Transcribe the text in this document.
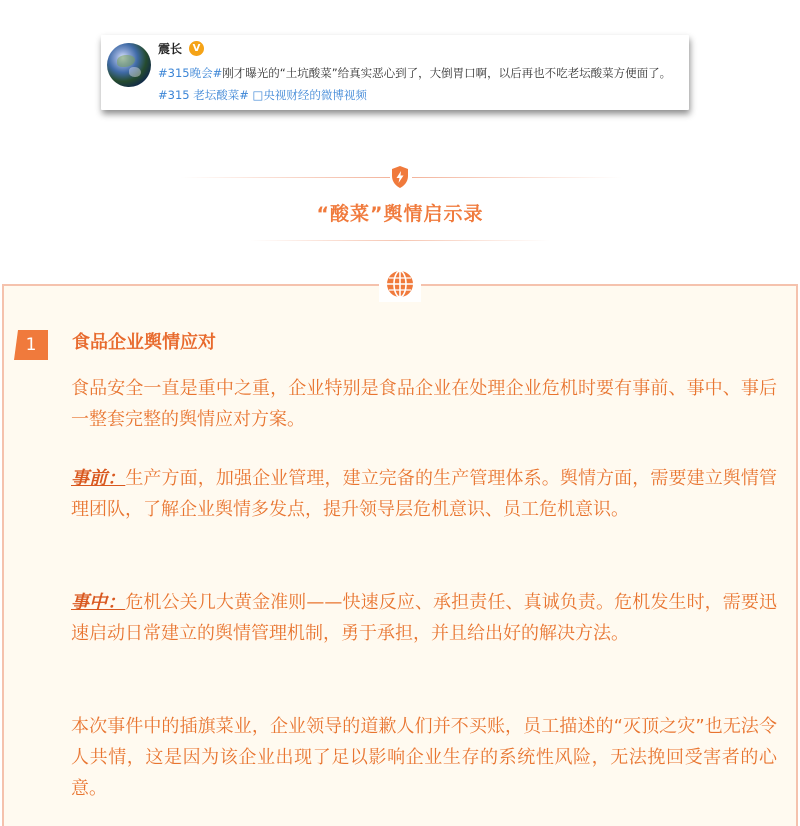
震长	V
#315晚会#刚才曝光的“土坑酸菜”给真实恶心到了，大倒胃口啊，以后再也不吃老坛酸菜方便面了。#315 老坛酸菜# □央视财经的微博视频
“酸菜”舆情启示录
1	食品企业舆情应对

食品安全一直是重中之重，企业特别是食品企业在处理企业危机时要有事前、事中、事后一整套完整的舆情应对方案。

事前：生产方面，加强企业管理，建立完备的生产管理体系。舆情方面，需要建立舆情管理团队，了解企业舆情多发点，提升领导层危机意识、员工危机意识。

事中：危机公关几大黄金准则——快速反应、承担责任、真诚负责。危机发生时，需要迅速启动日常建立的舆情管理机制，勇于承担，并且给出好的解决方法。

本次事件中的插旗菜业，企业领导的道歉人们并不买账，员工描述的“灭顶之灾”也无法令人共情，这是因为该企业出现了足以影响企业生存的系统性风险，无法挽回受害者的心意。
